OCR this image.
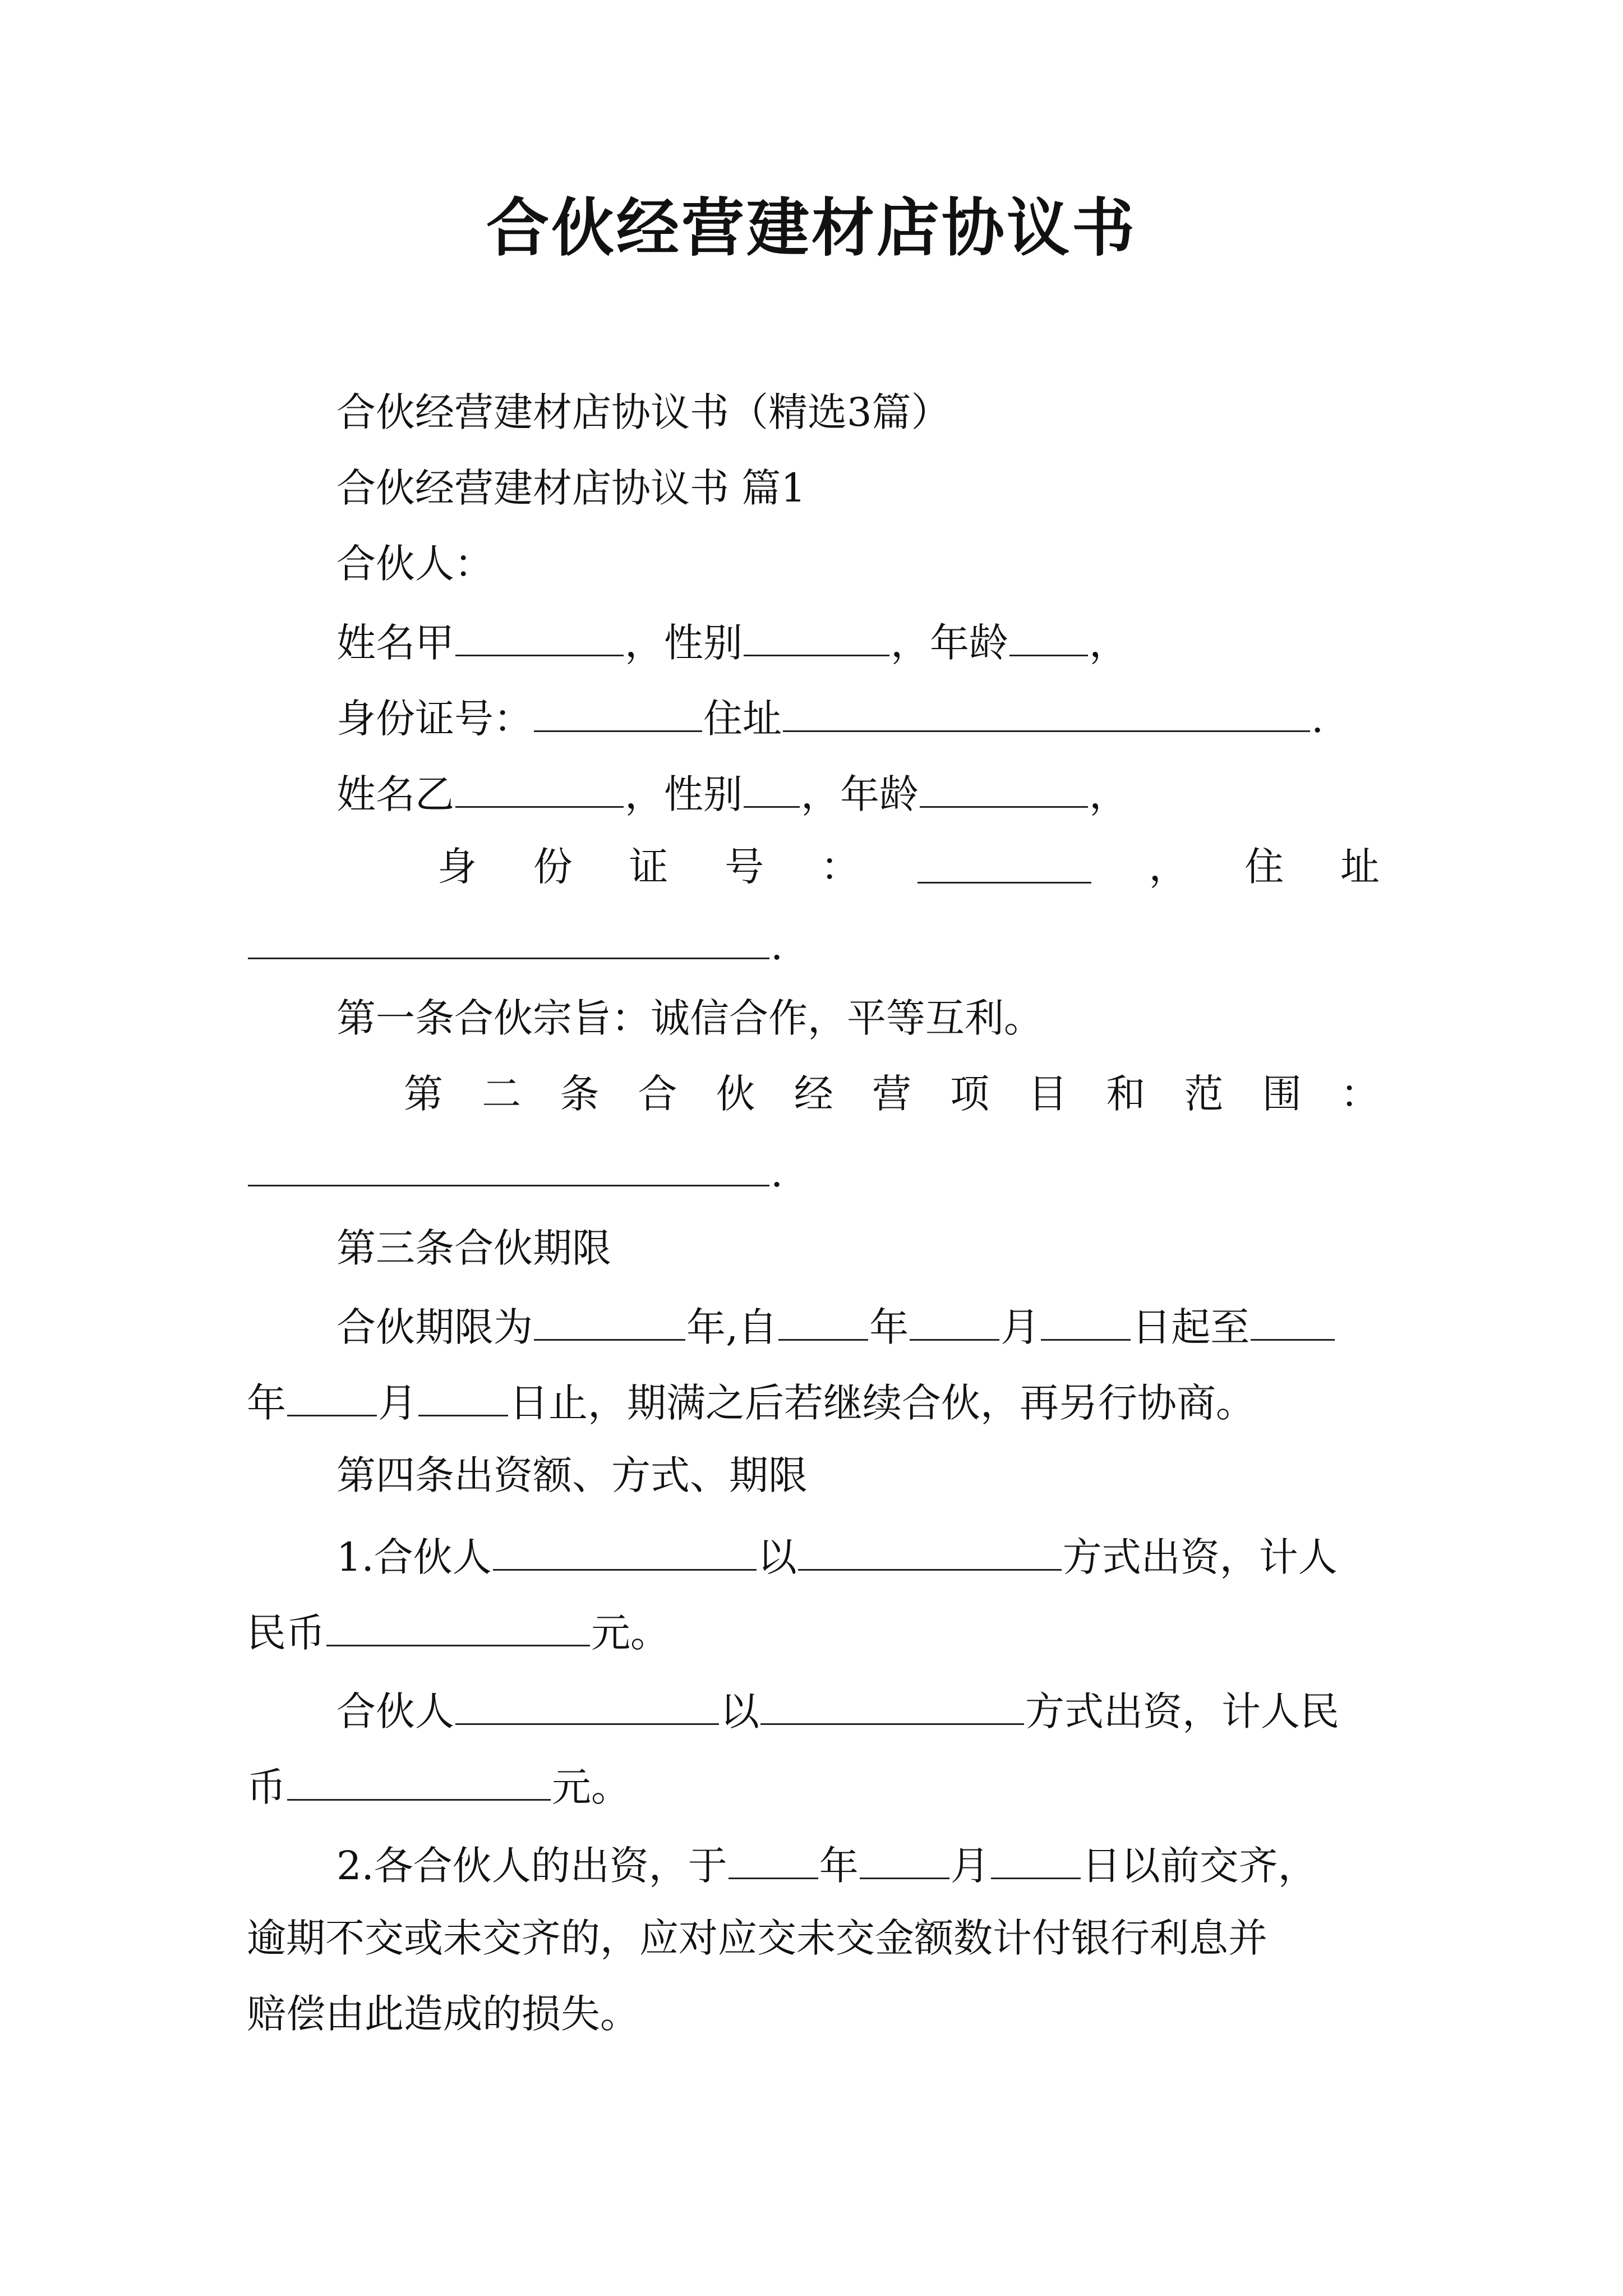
合伙经营建材店协议书
合伙经营建材店协议书（精选3篇）
合伙经营建材店协议书 篇1
合伙人：
姓名甲	，性别	，年龄 ，
身份证号：	住址	.
姓名乙	，性别 ，年龄	，
身 份 证 号 ：	， 住 址
.
第一条合伙宗旨：诚信合作，平等互利。
第 二 条 合 伙 经 营 项 目 和 范 围 ：
.
第三条合伙期限
合伙期限为	年,自 年 月 日起至
年 月 日止，期满之后若继续合伙，再另行协商。
第四条出资额、方式、期限
1.合伙人	以	方式出资，计人
民币	元。
合伙人	以	方式出资，计人民
币	元。
2.各合伙人的出资，于 年 月 日以前交齐，
逾期不交或未交齐的，应对应交未交金额数计付银行利息并
赔偿由此造成的损失。
